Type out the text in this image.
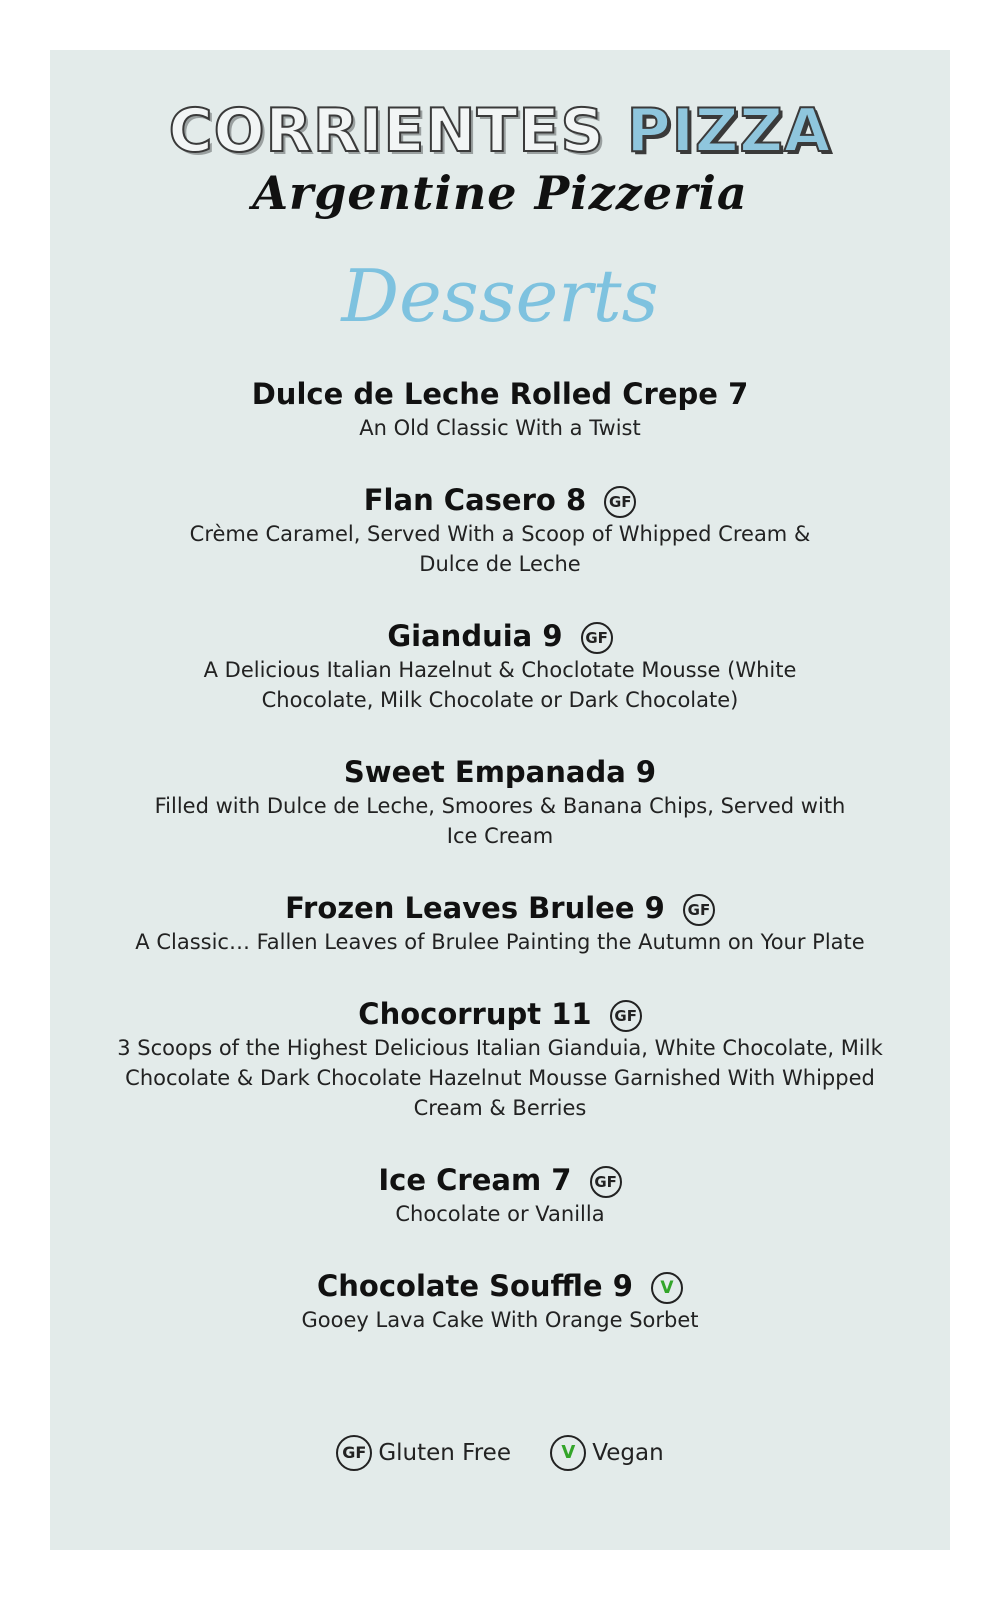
CORRIENTES PIZZA
Argentine Pizzeria
Desserts
Dulce de Leche Rolled Crepe 7
An Old Classic With a Twist
Flan Casero 8 GF
Crème Caramel, Served With a Scoop of Whipped Cream & Dulce de Leche
Gianduia 9 GF
A Delicious Italian Hazelnut & Choclotate Mousse (White Chocolate, Milk Chocolate or Dark Chocolate)
Sweet Empanada 9
Filled with Dulce de Leche, Smoores & Banana Chips, Served with Ice Cream
Frozen Leaves Brulee 9 GF
A Classic… Fallen Leaves of Brulee Painting the Autumn on Your Plate
Chocorrupt 11 GF
3 Scoops of the Highest Delicious Italian Gianduia, White Chocolate, Milk Chocolate & Dark Chocolate Hazelnut Mousse Garnished With Whipped Cream & Berries
Ice Cream 7 GF
Chocolate or Vanilla
Chocolate Souffle 9 V
Gooey Lava Cake With Orange Sorbet
GF Gluten Free	V Vegan
